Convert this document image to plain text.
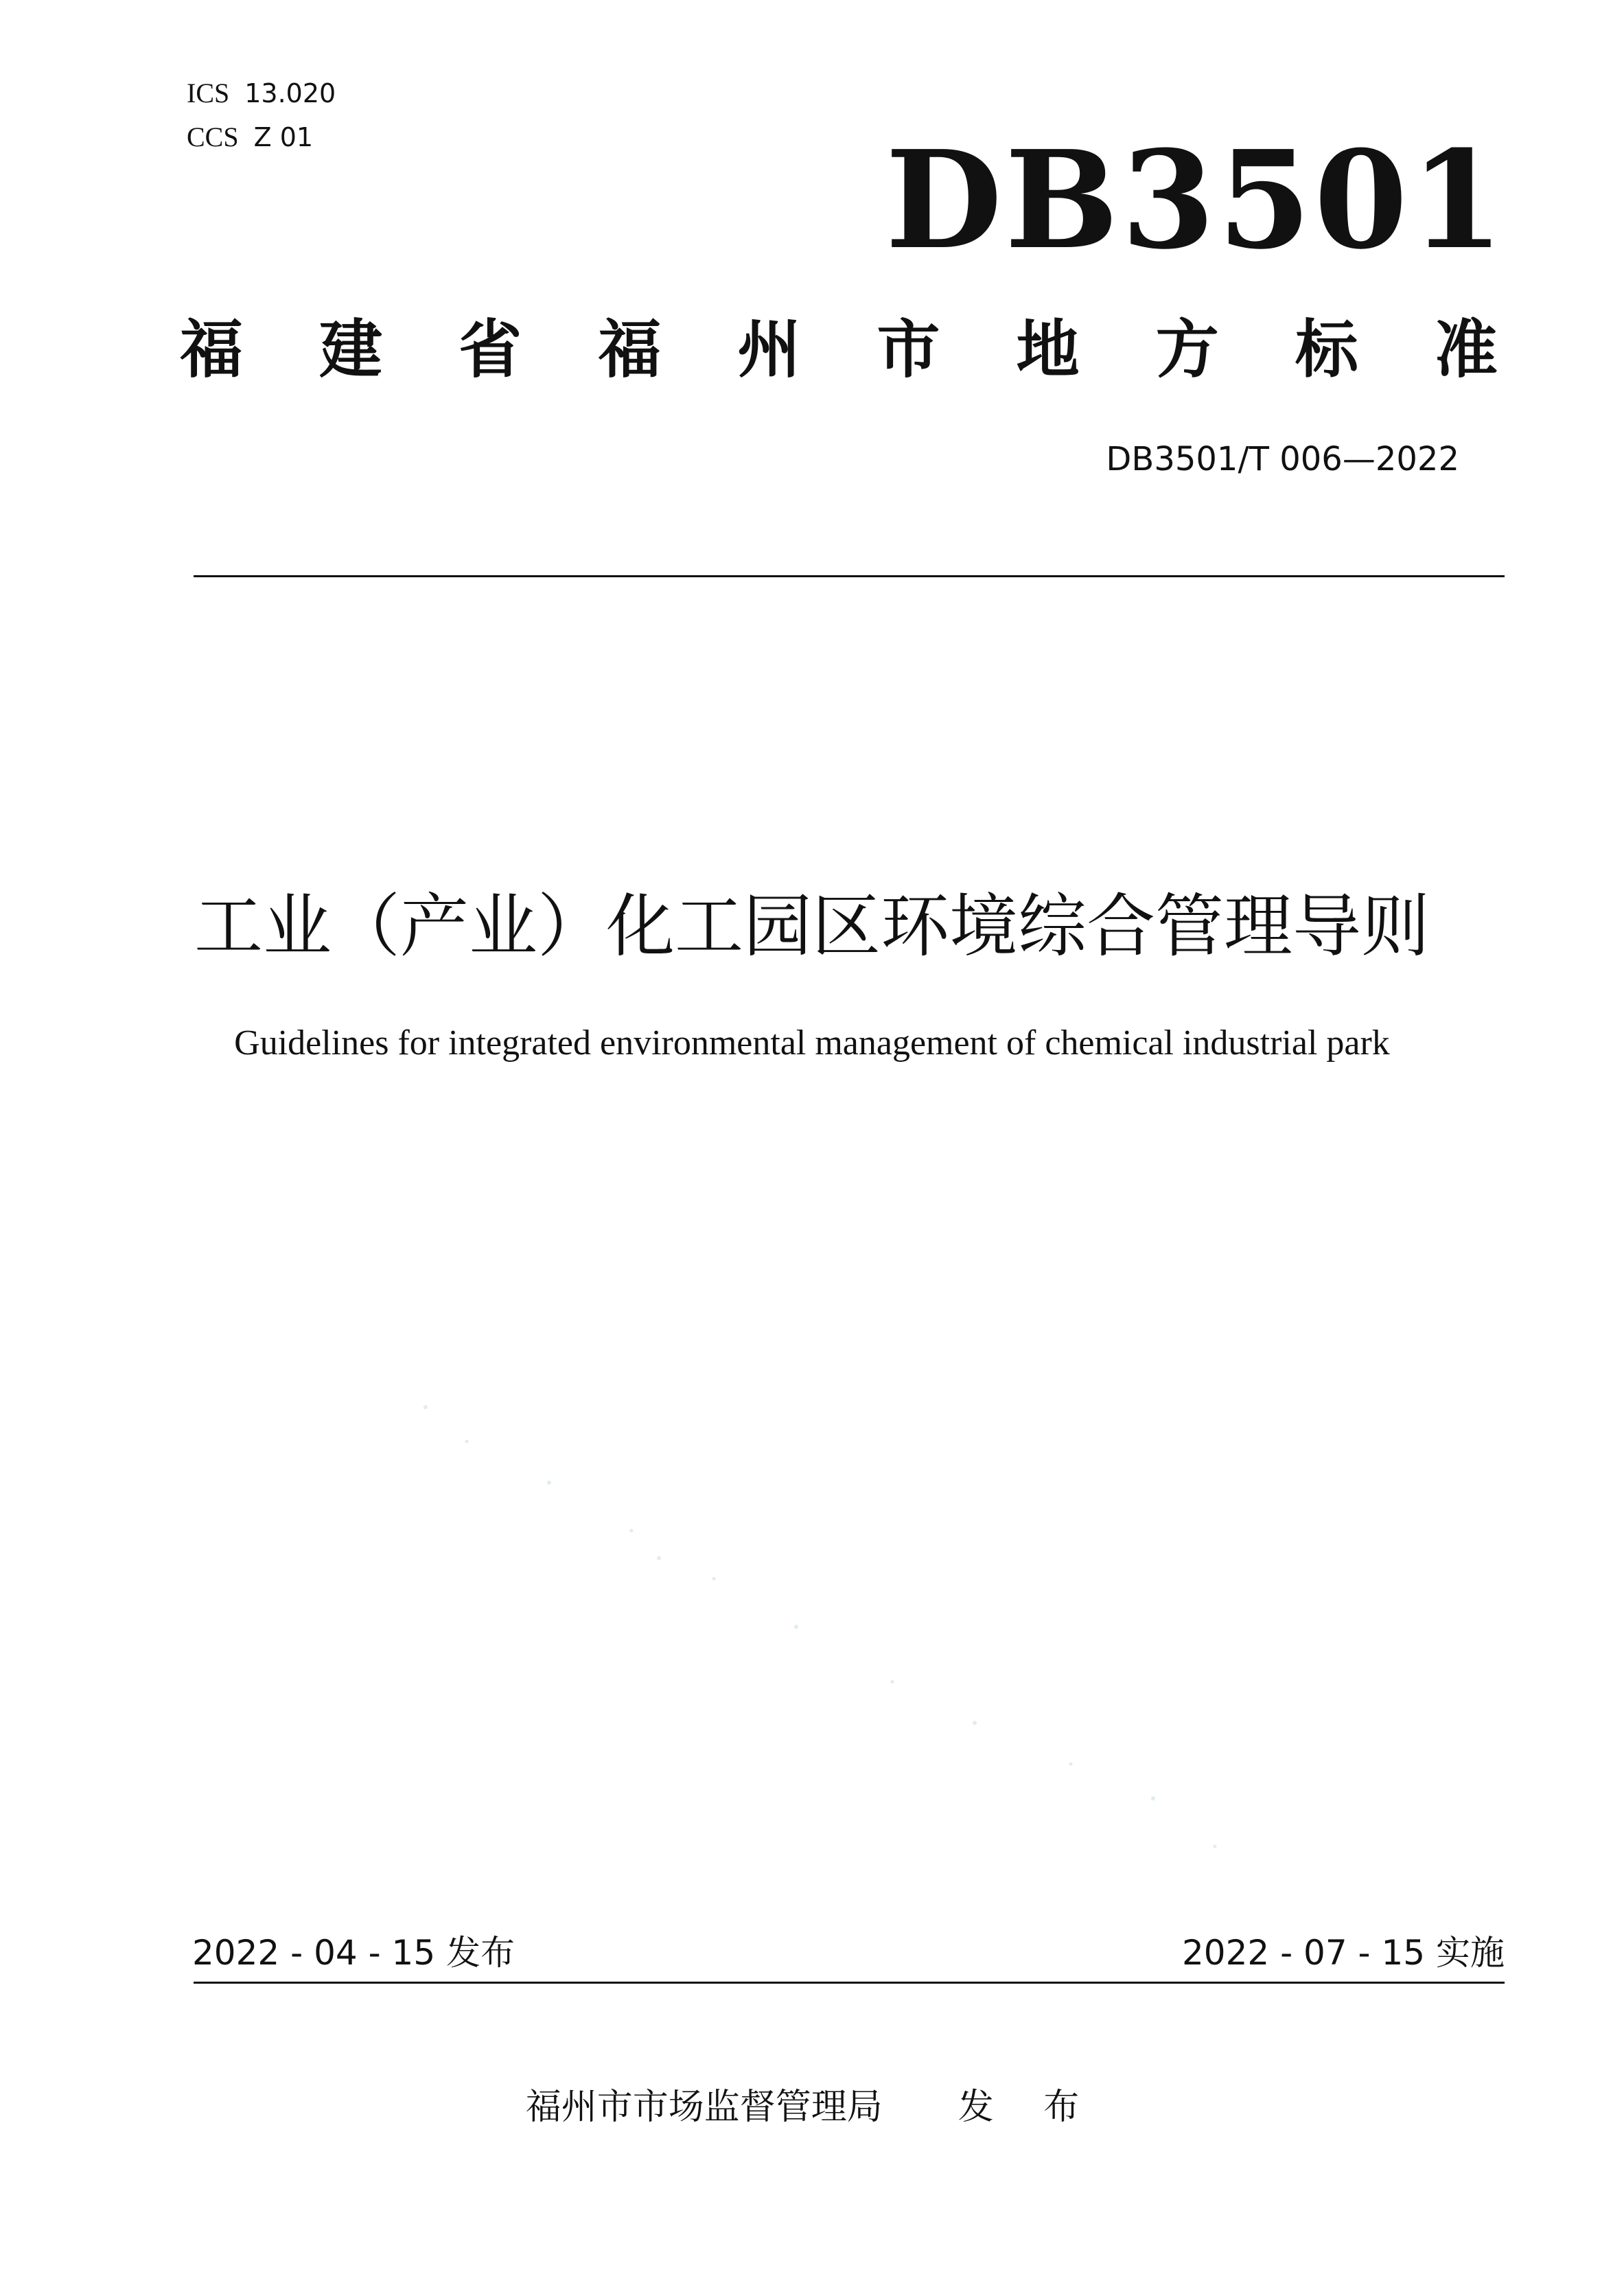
ICS 13.020
CCS Z 01	DB3501
福 建 省 福 州 市 地 方 标 准
DB3501/T 006—2022
工业（产业）化工园区环境综合管理导则
Guidelines for integrated environmental management of chemical industrial park
2022 - 04 - 15 发布	2022 - 07 - 15 实施
福州市市场监督管理局 发 布
